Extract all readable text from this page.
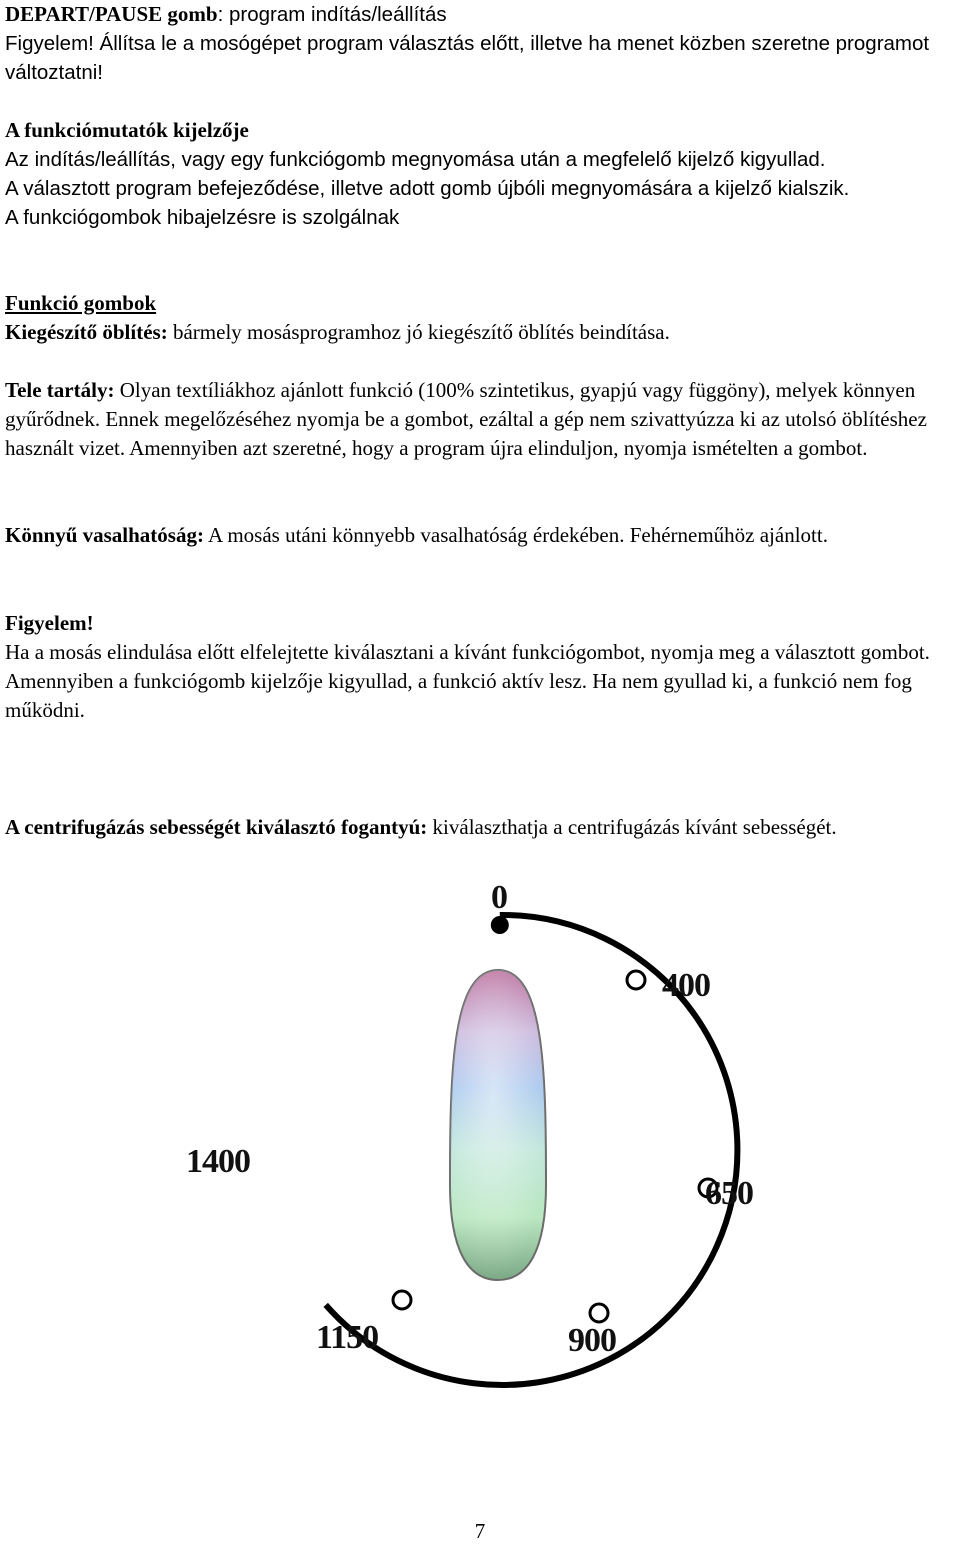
DEPART/PAUSE gomb: program indítás/leállítás
Figyelem! Állítsa le a mosógépet program választás előtt, illetve ha menet közben szeretne programot változtatni!

A funkciómutatók kijelzője
Az indítás/leállítás, vagy egy funkciógomb megnyomása után a megfelelő kijelző kigyullad.
A választott program befejeződése, illetve adott gomb újbóli megnyomására a kijelző kialszik.
A funkciógombok hibajelzésre is szolgálnak

Funkció gombok
Kiegészítő öblítés: bármely mosásprogramhoz jó kiegészítő öblítés beindítása.

Tele tartály: Olyan textíliákhoz ajánlott funkció (100% szintetikus, gyapjú vagy függöny), melyek könnyen gyűrődnek. Ennek megelőzéséhez nyomja be a gombot, ezáltal a gép nem szivattyúzza ki az utolsó öblítéshez használt vizet. Amennyiben azt szeretné, hogy a program újra elinduljon, nyomja ismételten a gombot.

Könnyű vasalhatóság: A mosás utáni könnyebb vasalhatóság érdekében. Fehérneműhöz ajánlott.

Figyelem!
Ha a mosás elindulása előtt elfelejtette kiválasztani a kívánt funkciógombot, nyomja meg a választott gombot. Amennyiben a funkciógomb kijelzője kigyullad, a funkció aktív lesz. Ha nem gyullad ki, a funkció nem fog működni.

A centrifugázás sebességét kiválasztó fogantyú: kiválaszthatja a centrifugázás kívánt sebességét.

0
400
650
900
1150
1400
7
